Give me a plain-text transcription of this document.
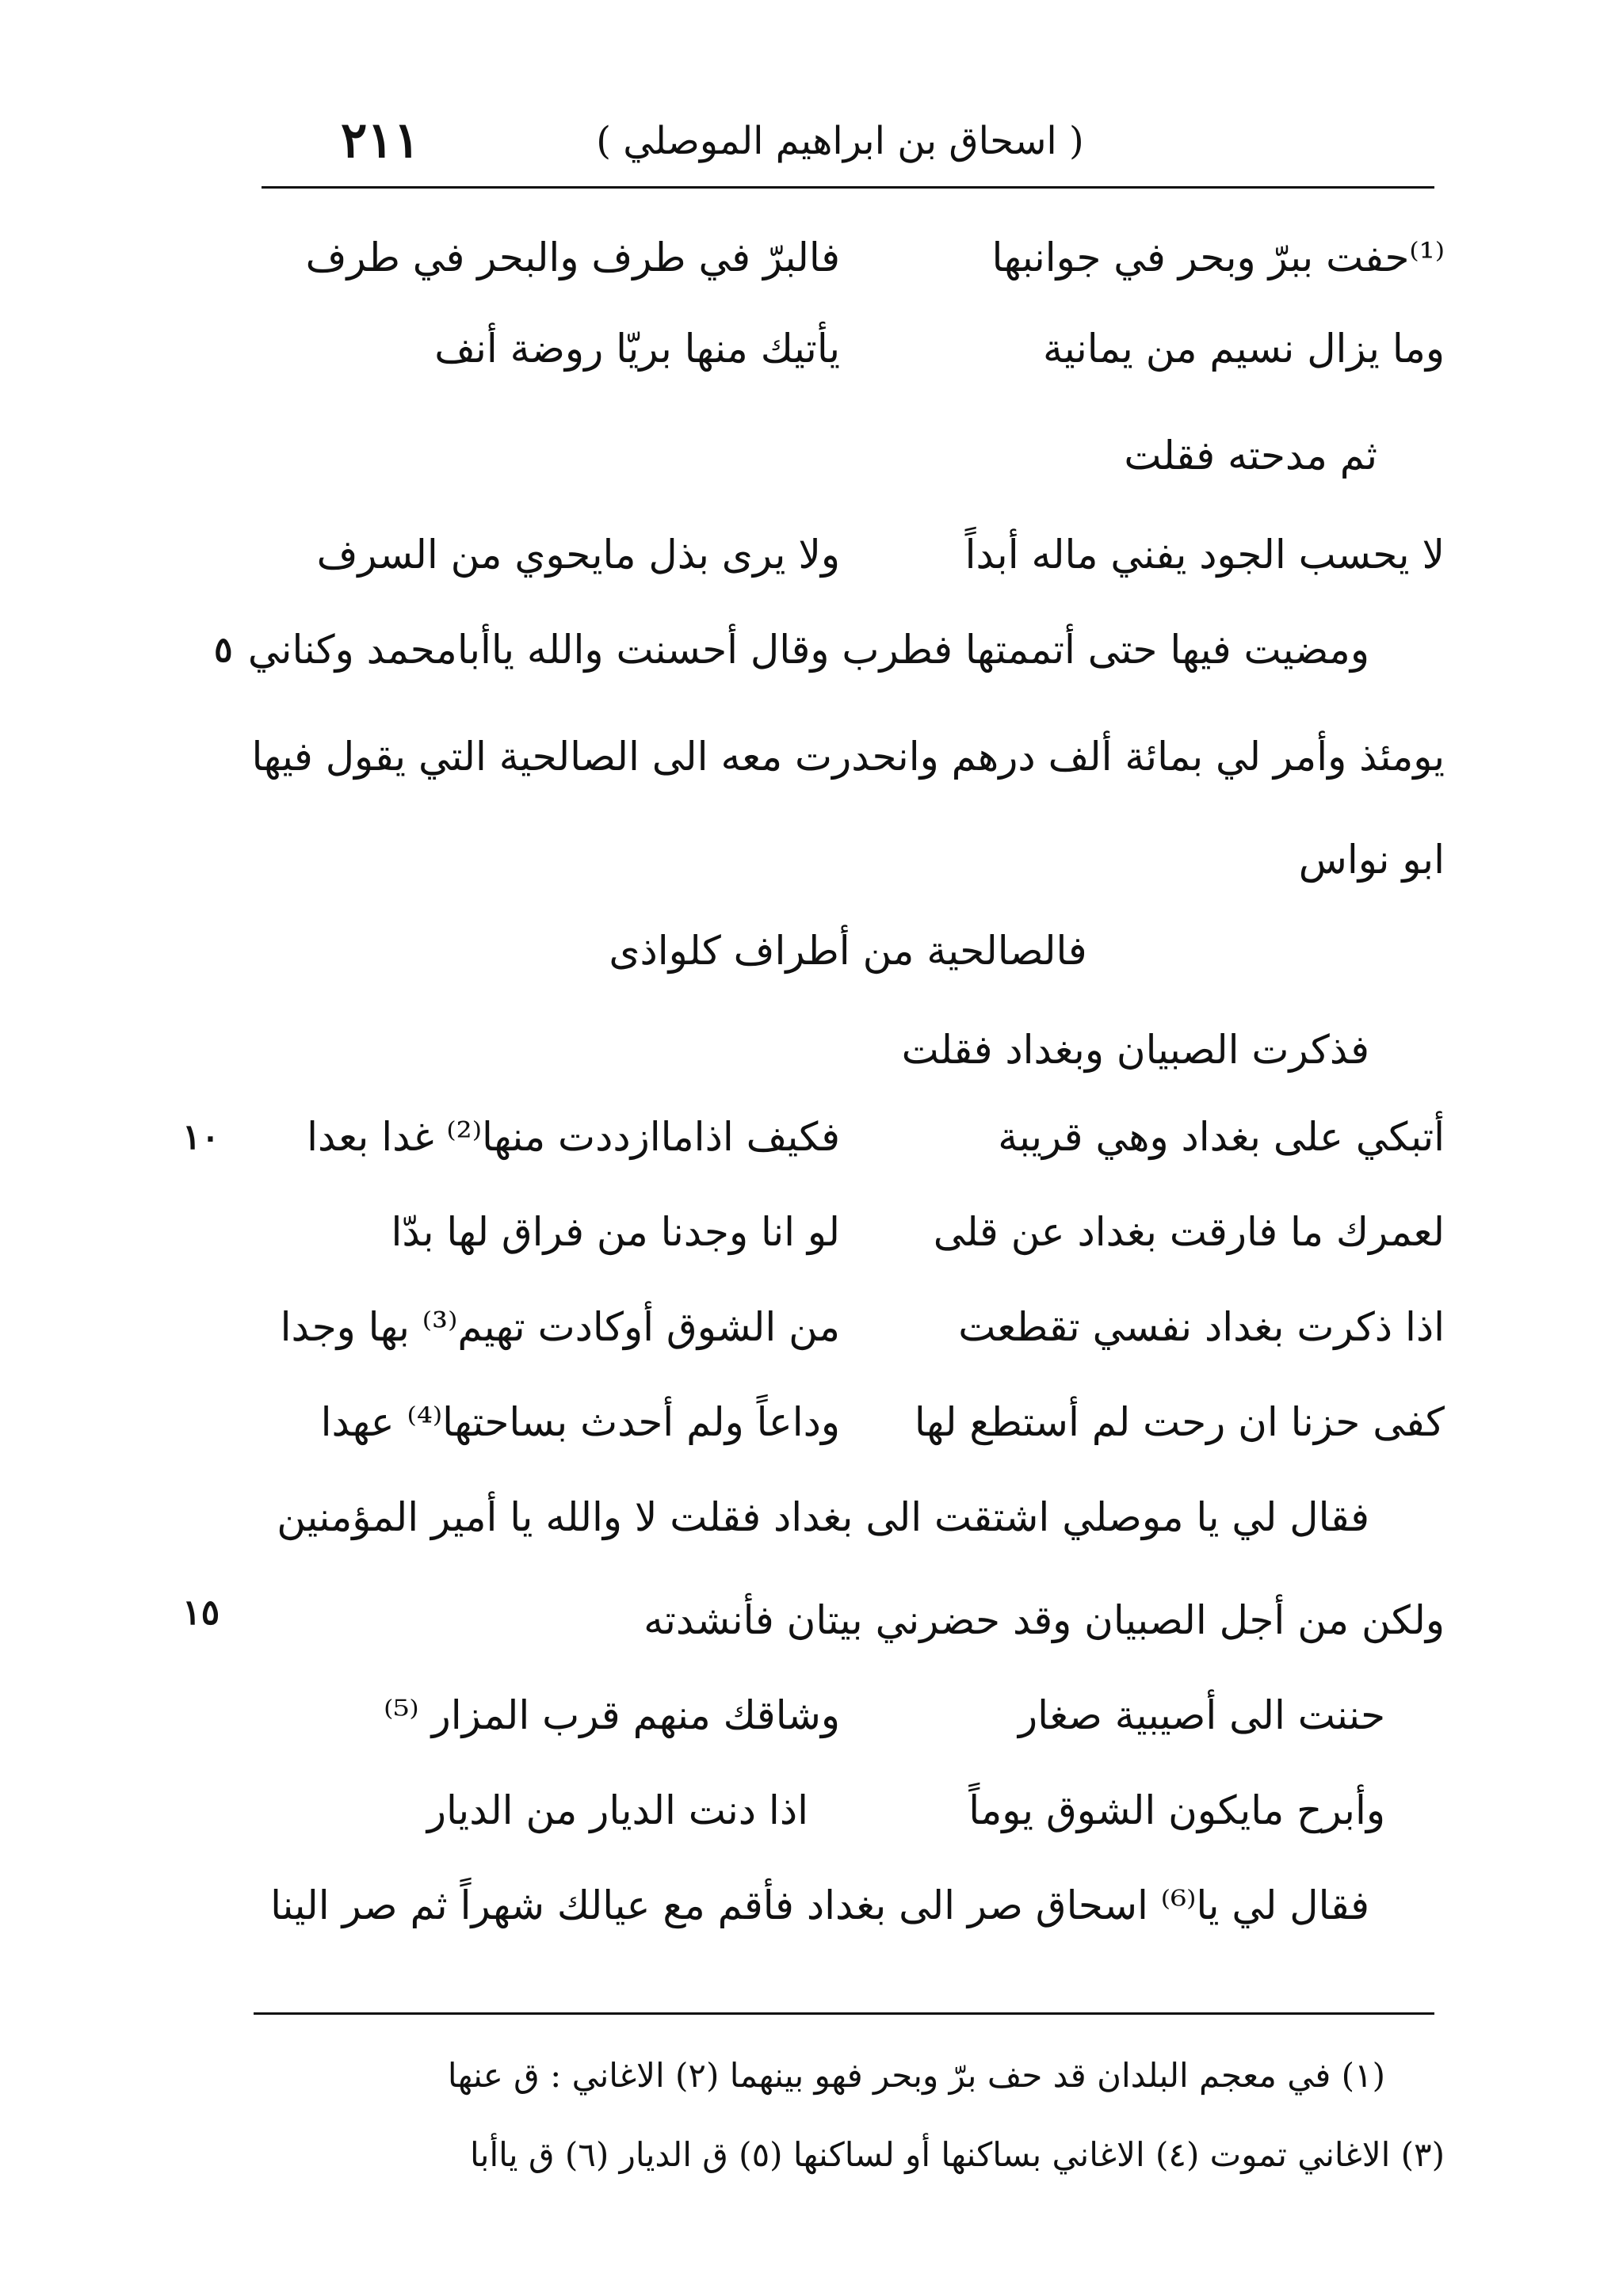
( اسحاق بن ابراهيم الموصلي )
٢١١
⁽¹⁾حفت ببرّ وبحر في جوانبها
فالبرّ في طرف والبحر في طرف
وما يزال نسيم من يمانية
يأتيك منها بريّا روضة أنف
ثم مدحته فقلت
لا يحسب الجود يفني ماله أبداً
ولا يرى بذل مايحوي من السرف
ومضيت فيها حتى أتممتها فطرب وقال أحسنت والله ياأبامحمد وكناني
٥
يومئذ وأمر لي بمائة ألف درهم وانحدرت معه الى الصالحية التي يقول فيها
ابو نواس
فالصالحية من أطراف كلواذى
فذكرت الصبيان وبغداد فقلت
١٠	أتبكي على بغداد وهي قريبة
فكيف اذاماازددت منها⁽²⁾ غدا بعدا
لعمرك ما فارقت بغداد عن قلى
لو انا وجدنا من فراق لها بدّا
اذا ذكرت بغداد نفسي تقطعت
من الشوق أوكادت تهيم⁽³⁾ بها وجدا
كفى حزنا ان رحت لم أستطع لها
وداعاً ولم أحدث بساحتها⁽⁴⁾ عهدا
فقال لي يا موصلي اشتقت الى بغداد فقلت لا والله يا أمير المؤمنين
١٥	ولكن من أجل الصبيان وقد حضرني بيتان فأنشدته
حننت الى أصيبية صغار
وشاقك منهم قرب المزار ⁽⁵⁾
وأبرح مايكون الشوق يوماً
اذا دنت الديار من الديار
فقال لي يا⁽⁶⁾ اسحاق صر الى بغداد فأقم مع عيالك شهراً ثم صر الينا
(١) في معجم البلدان قد حف برّ وبحر فهو بينهما (٢) الاغاني : ق عنها
(٣) الاغاني تموت (٤) الاغاني بساكنها أو لساكنها (٥) ق الديار (٦) ق ياأبا
